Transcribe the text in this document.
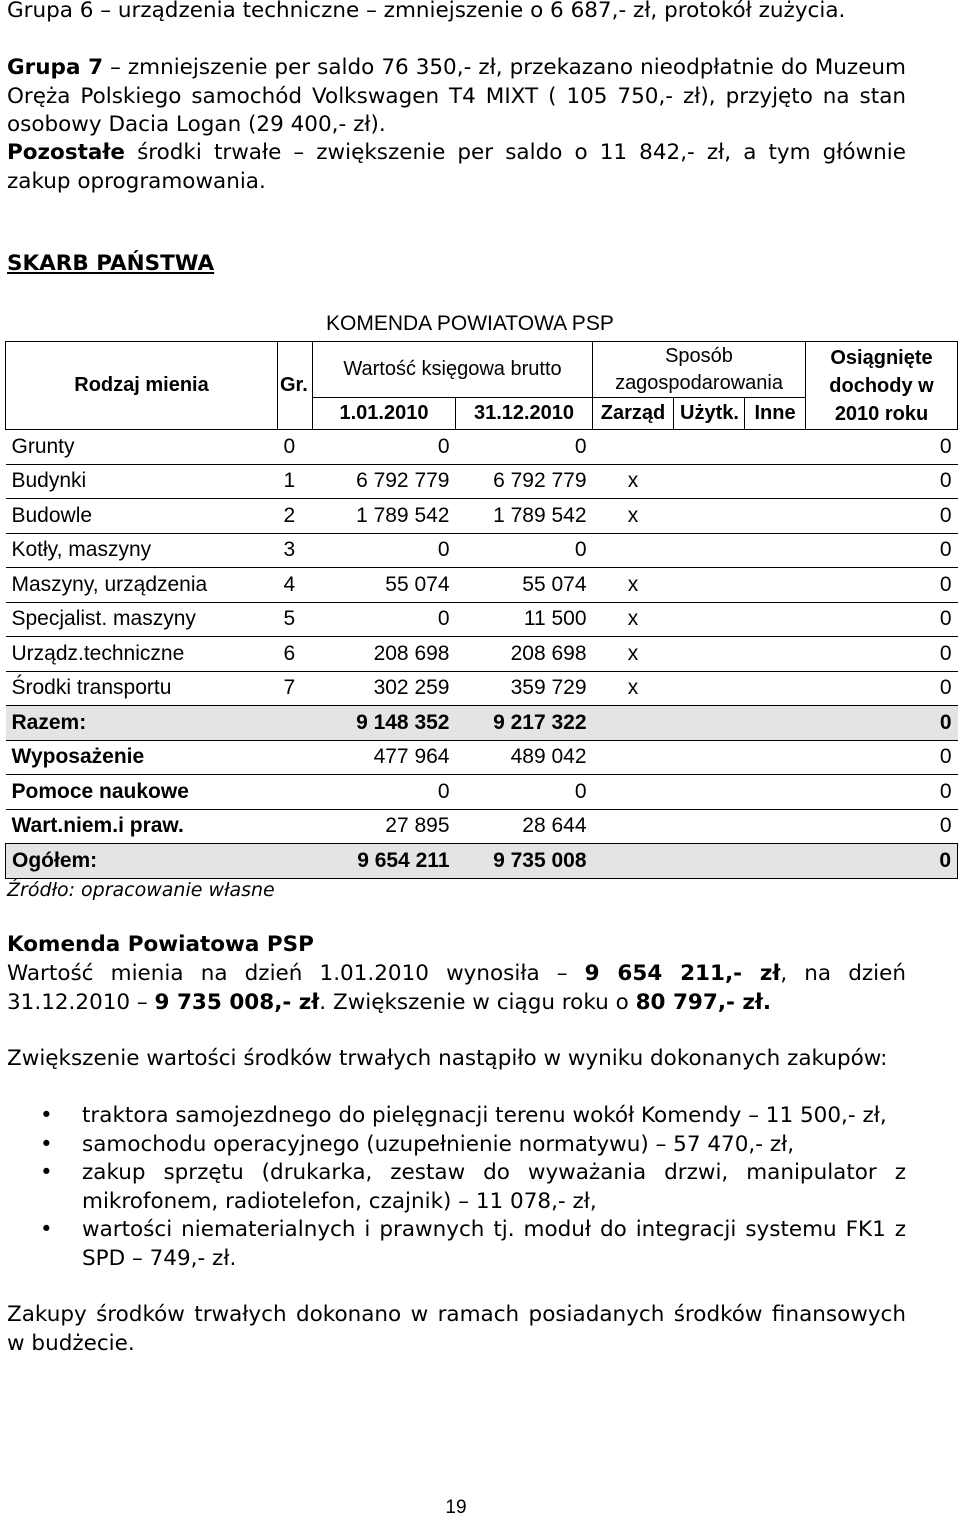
Grupa 6 – urządzenia techniczne – zmniejszenie o 6 687,- zł, protokół zużycia.
Grupa 7 – zmniejszenie per saldo 76 350,- zł, przekazano nieodpłatnie do Muzeum Oręża Polskiego samochód Volkswagen T4 MIXT ( 105 750,- zł), przyjęto na stan osobowy Dacia Logan (29 400,- zł).
Pozostałe środki trwałe – zwiększenie per saldo o 11 842,- zł, a tym głównie zakup oprogramowania.
SKARB PAŃSTWA
KOMENDA POWIATOWA PSP
Rodzaj mienia	Gr.	Wartość księgowa brutto		Sposób zagospodarowania			Osiągnięte dochody w 2010 roku
		1.01.2010	31.12.2010	Zarząd	Użytk.	Inne	
Grunty	0	0	0				0
Budynki	1	6 792 779	6 792 779	x			0
Budowle	2	1 789 542	1 789 542	x			0
Kotły, maszyny	3	0	0				0
Maszyny, urządzenia	4	55 074	55 074	x			0
Specjalist. maszyny	5	0	11 500	x			0
Urządz.techniczne	6	208 698	208 698	x			0
Środki transportu	7	302 259	359 729	x			0
Razem:		9 148 352	9 217 322				0
Wyposażenie		477 964	489 042				0
Pomoce naukowe		0	0				0
Wart.niem.i praw.		27 895	28 644				0
Ogółem:		9 654 211	9 735 008				0
Źródło: opracowanie własne
Komenda Powiatowa PSP
Wartość mienia na dzień 1.01.2010 wynosiła – 9 654 211,- zł, na dzień 31.12.2010 – 9 735 008,- zł. Zwiększenie w ciągu roku o 80 797,- zł.
Zwiększenie wartości środków trwałych nastąpiło w wyniku dokonanych zakupów:
• traktora samojezdnego do pielęgnacji terenu wokół Komendy – 11 500,- zł,
• samochodu operacyjnego (uzupełnienie normatywu) – 57 470,- zł,
• zakup sprzętu (drukarka, zestaw do wyważania drzwi, manipulator z mikrofonem, radiotelefon, czajnik) – 11 078,- zł,
• wartości niematerialnych i prawnych tj. moduł do integracji systemu FK1 z SPD – 749,- zł.
Zakupy środków trwałych dokonano w ramach posiadanych środków finansowych w budżecie.
19
